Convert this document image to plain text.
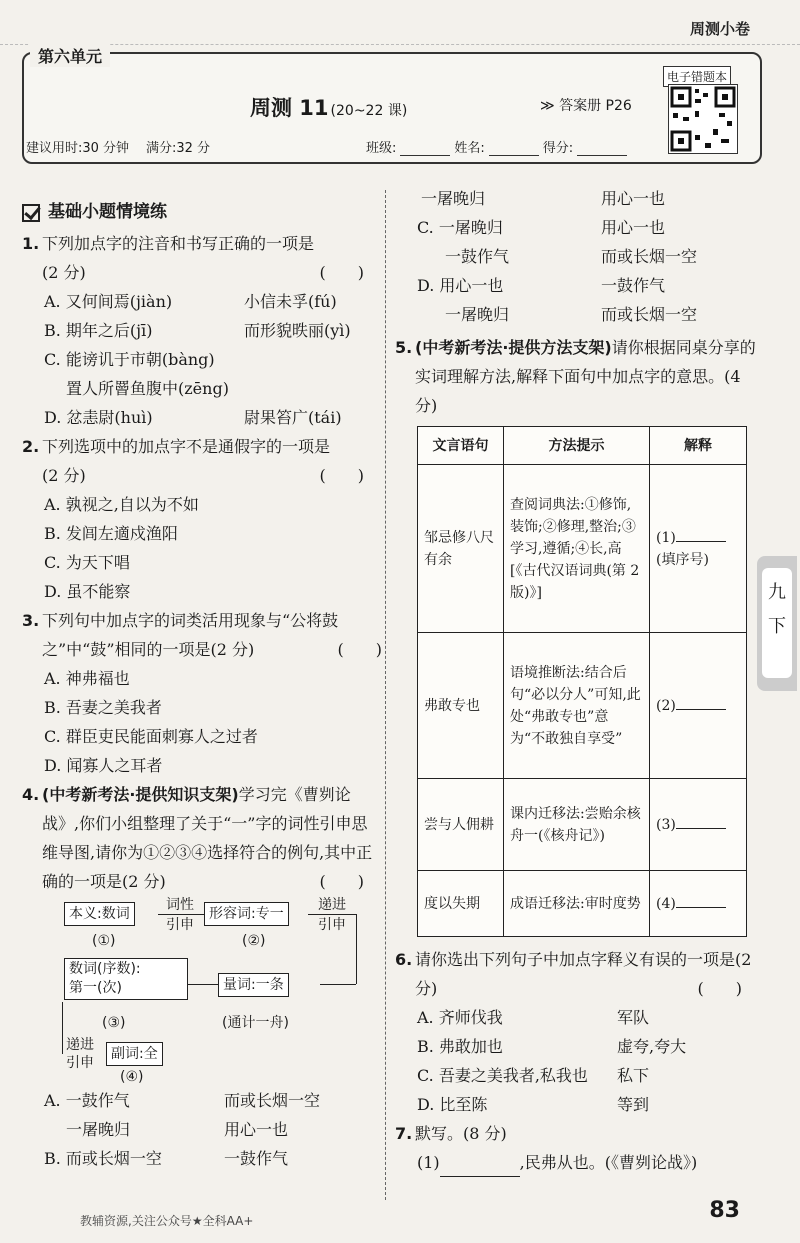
周测小卷
第六单元
周测 11 (20~22 课)	≫ 答案册 P26
电子错题本
建议用时:30 分钟	满分:32 分	班级:	姓名:	得分:
基础小题情境练
1. 下列加点字的注音和书写正确的一项是
(2 分)	(　　)
A. 又何间焉(jiàn)	小信未孚(fú)
B. 期年之后(jī)	而形貌昳丽(yì)
C. 能谤讥于市朝(bàng)
置人所罾鱼腹中(zēng)
D. 忿恚尉(huì)	尉果笞广(tái)
2. 下列选项中的加点字不是通假字的一项是
(2 分)	(　　)
A. 孰视之,自以为不如
B. 发闾左適戍渔阳
C. 为天下唱
D. 虽不能察
3. 下列句中加点字的词类活用现象与“公将鼓之”中“鼓”相同的一项是(2 分)	(　　)
A. 神弗福也
B. 吾妻之美我者
C. 群臣吏民能面刺寡人之过者
D. 闻寡人之耳者
4. (中考新考法·提供知识支架)学习完《曹刿论战》,你们小组整理了关于“一”字的词性引申思维导图,请你为①②③④选择符合的例句,其中正确的一项是(2 分)	(　　)
本义:数词
词性
引申
形容词:专一
递进
引申
(①)	(②)
数词(序数):
第一(次)	量词:一条
(③)	(通计一舟)
递进
引申
副词:全
(④)
A. 一鼓作气	而或长烟一空
一屠晚归	用心一也
B. 而或长烟一空	一鼓作气
一屠晚归	用心一也
C. 一屠晚归	用心一也
一鼓作气	而或长烟一空
D. 用心一也	一鼓作气
一屠晚归	而或长烟一空
5. (中考新考法·提供方法支架)请你根据同桌分享的实词理解方法,解释下面句中加点字的意思。(4 分)
文言语句	方法提示	解释
邹忌修八尺有余	查阅词典法:①修饰,装饰;②修理,整治;③学习,遵循;④长,高[《古代汉语词典(第 2 版)》]	(1)
(填序号)
弗敢专也	语境推断法:结合后句“必以分人”可知,此处“弗敢专也”意为“不敢独自享受”	(2)
尝与人佣耕	课内迁移法:尝贻余核舟一(《核舟记》)	(3)
度以失期	成语迁移法:审时度势	(4)
6. 请你选出下列句子中加点字释义有误的一项是(2 分)	(　　)
A. 齐师伐我	军队
B. 弗敢加也	虚夸,夸大
C. 吾妻之美我者,私我也	私下
D. 比至陈	等到
7. 默写。(8 分)
(1)	,民弗从也。(《曹刿论战》)
九
下
教辅资源,关注公众号★全科AA+	83
